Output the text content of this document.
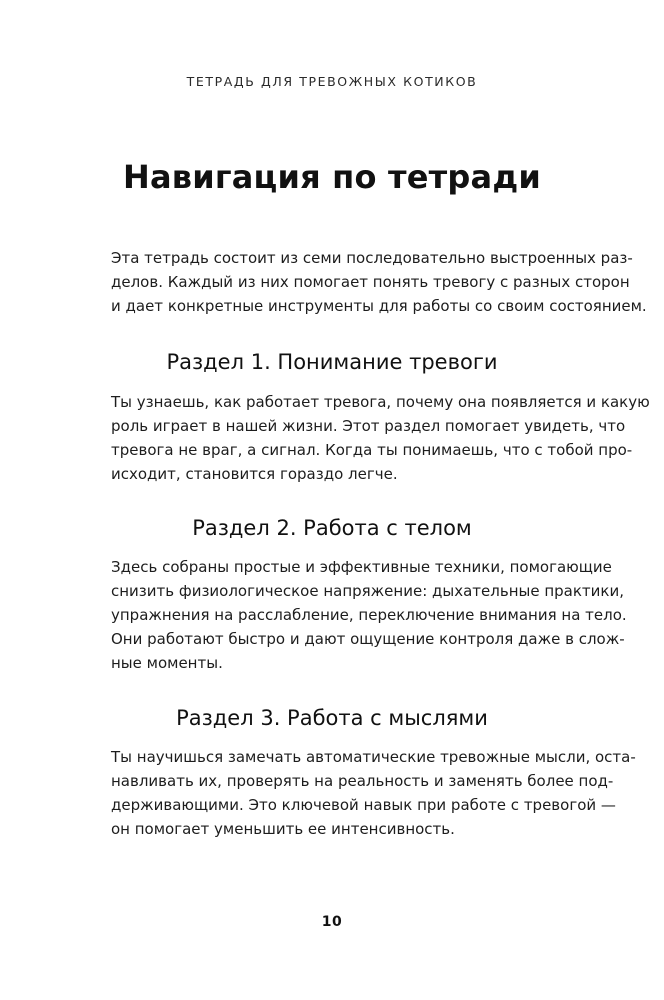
ТЕТРАДЬ ДЛЯ ТРЕВОЖНЫХ КОТИКОВ
Навигация по тетради

Эта тетрадь состоит из семи последовательно выстроенных раз-
делов. Каждый из них помогает понять тревогу с разных сторон
и дает конкретные инструменты для работы со своим состоянием.

Раздел 1. Понимание тревоги

Ты узнаешь, как работает тревога, почему она появляется и какую
роль играет в нашей жизни. Этот раздел помогает увидеть, что
тревога не враг, а сигнал. Когда ты понимаешь, что с тобой про-
исходит, становится гораздо легче.

Раздел 2. Работа с телом

Здесь собраны простые и эффективные техники, помогающие
снизить физиологическое напряжение: дыхательные практики,
упражнения на расслабление, переключение внимания на тело.
Они работают быстро и дают ощущение контроля даже в слож-
ные моменты.

Раздел 3. Работа с мыслями

Ты научишься замечать автоматические тревожные мысли, оста-
навливать их, проверять на реальность и заменять более под-
держивающими. Это ключевой навык при работе с тревогой —
он помогает уменьшить ее интенсивность.

10
